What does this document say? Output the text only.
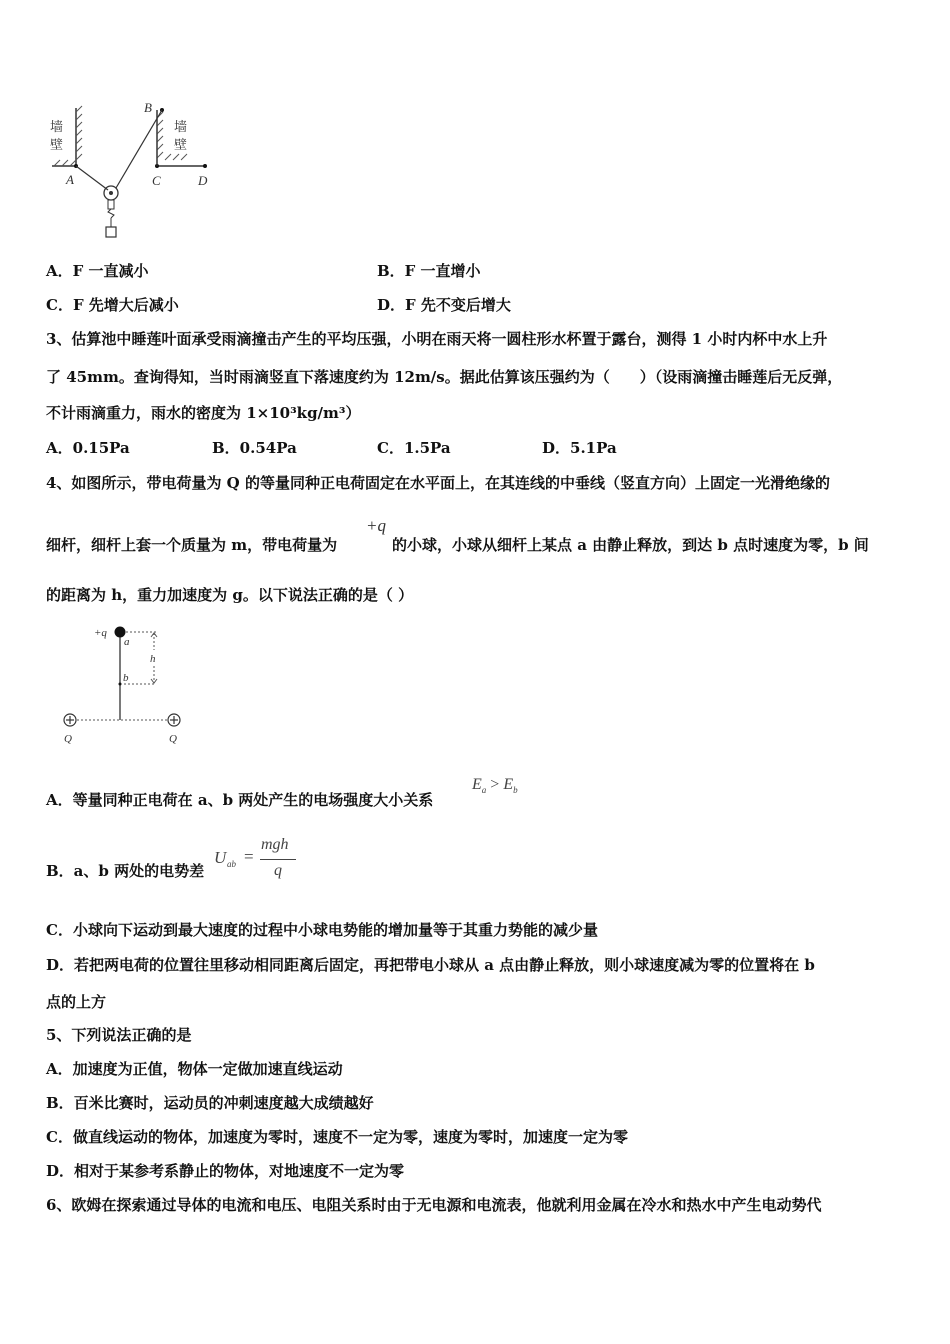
墙
壁
墙
壁
A
B
C	D
A．F 一直减小	B．F 一直增小
C．F 先增大后减小	D．F 先不变后增大
3、估算池中睡莲叶面承受雨滴撞击产生的平均压强，小明在雨天将一圆柱形水杯置于露台，测得 1 小时内杯中水上升
了 45mm。查询得知，当时雨滴竖直下落速度约为 12m/s。据此估算该压强约为（　　）（设雨滴撞击睡莲后无反弹，
不计雨滴重力，雨水的密度为 1×10³kg/m³）
A．0.15Pa	B．0.54Pa	C．1.5Pa	D．5.1Pa
4、如图所示，带电荷量为 Q 的等量同种正电荷固定在水平面上，在其连线的中垂线（竖直方向）上固定一光滑绝缘的
细杆，细杆上套一个质量为 m，带电荷量为
+q
的小球，小球从细杆上某点 a 由静止释放，到达 b 点时速度为零，b 间
的距离为 h，重力加速度为 g。以下说法正确的是（ ）
+q
a
b
h
Q	Q
A．等量同种正电荷在 a、b 两处产生的电场强度大小关系
$E_a > E_b$
B．a、b 两处的电势差
U ab =
mgh
q
C．小球向下运动到最大速度的过程中小球电势能的增加量等于其重力势能的减少量
D．若把两电荷的位置往里移动相同距离后固定，再把带电小球从 a 点由静止释放，则小球速度减为零的位置将在 b
点的上方
5、下列说法正确的是
A．加速度为正值，物体一定做加速直线运动
B．百米比赛时，运动员的冲刺速度越大成绩越好
C．做直线运动的物体，加速度为零时，速度不一定为零，速度为零时，加速度一定为零
D．相对于某参考系静止的物体，对地速度不一定为零
6、欧姆在探索通过导体的电流和电压、电阻关系时由于无电源和电流表，他就利用金属在冷水和热水中产生电动势代
